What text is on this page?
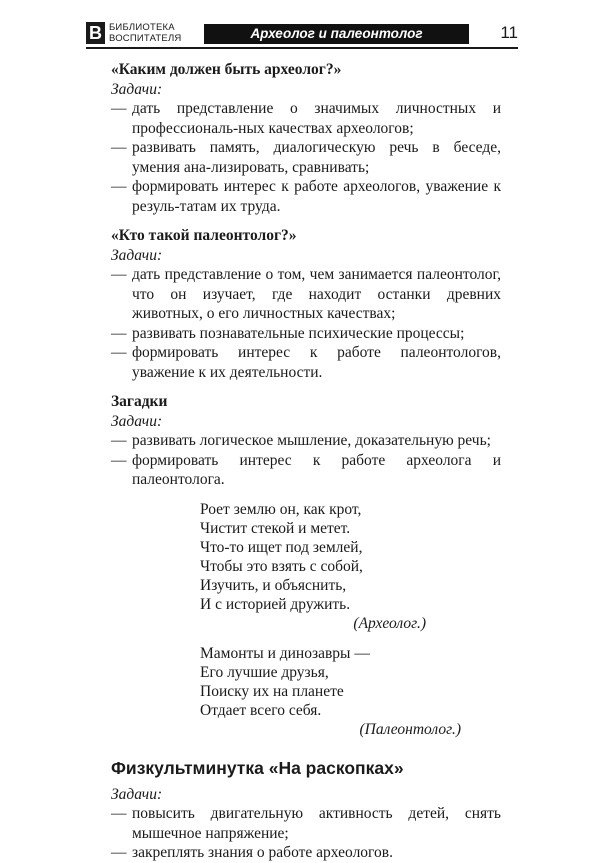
В БИБЛИОТЕКА
ВОСПИТАТЕЛЯ	Археолог и палеонтолог	11

«Каким должен быть археолог?»

Задачи:

— дать представление о значимых личностных и профессиональ-ных качествах археологов;
— развивать память, диалогическую речь в беседе, умения ана-лизировать, сравнивать;
— формировать интерес к работе археологов, уважение к резуль-татам их труда.

«Кто такой палеонтолог?»

Задачи:

— дать представление о том, чем занимается палеонтолог, что он изучает, где находит останки древних животных, о его личностных качествах;
— развивать познавательные психические процессы;
— формировать интерес к работе палеонтологов, уважение к их деятельности.

Загадки

Задачи:

— развивать логическое мышление, доказательную речь;
— формировать интерес к работе археолога и палеонтолога.

Роет землю он, как крот,

Чистит стекой и метет.

Что-то ищет под землей,

Чтобы это взять с собой,

Изучить, и объяснить,

И с историей дружить.

(Археолог.)

Мамонты и динозавры —

Его лучшие друзья,

Поиску их на планете

Отдает всего себя.

(Палеонтолог.)

Физкультминутка «На раскопках»

Задачи:

— повысить двигательную активность детей, снять мышечное напряжение;
— закреплять знания о работе археологов.
